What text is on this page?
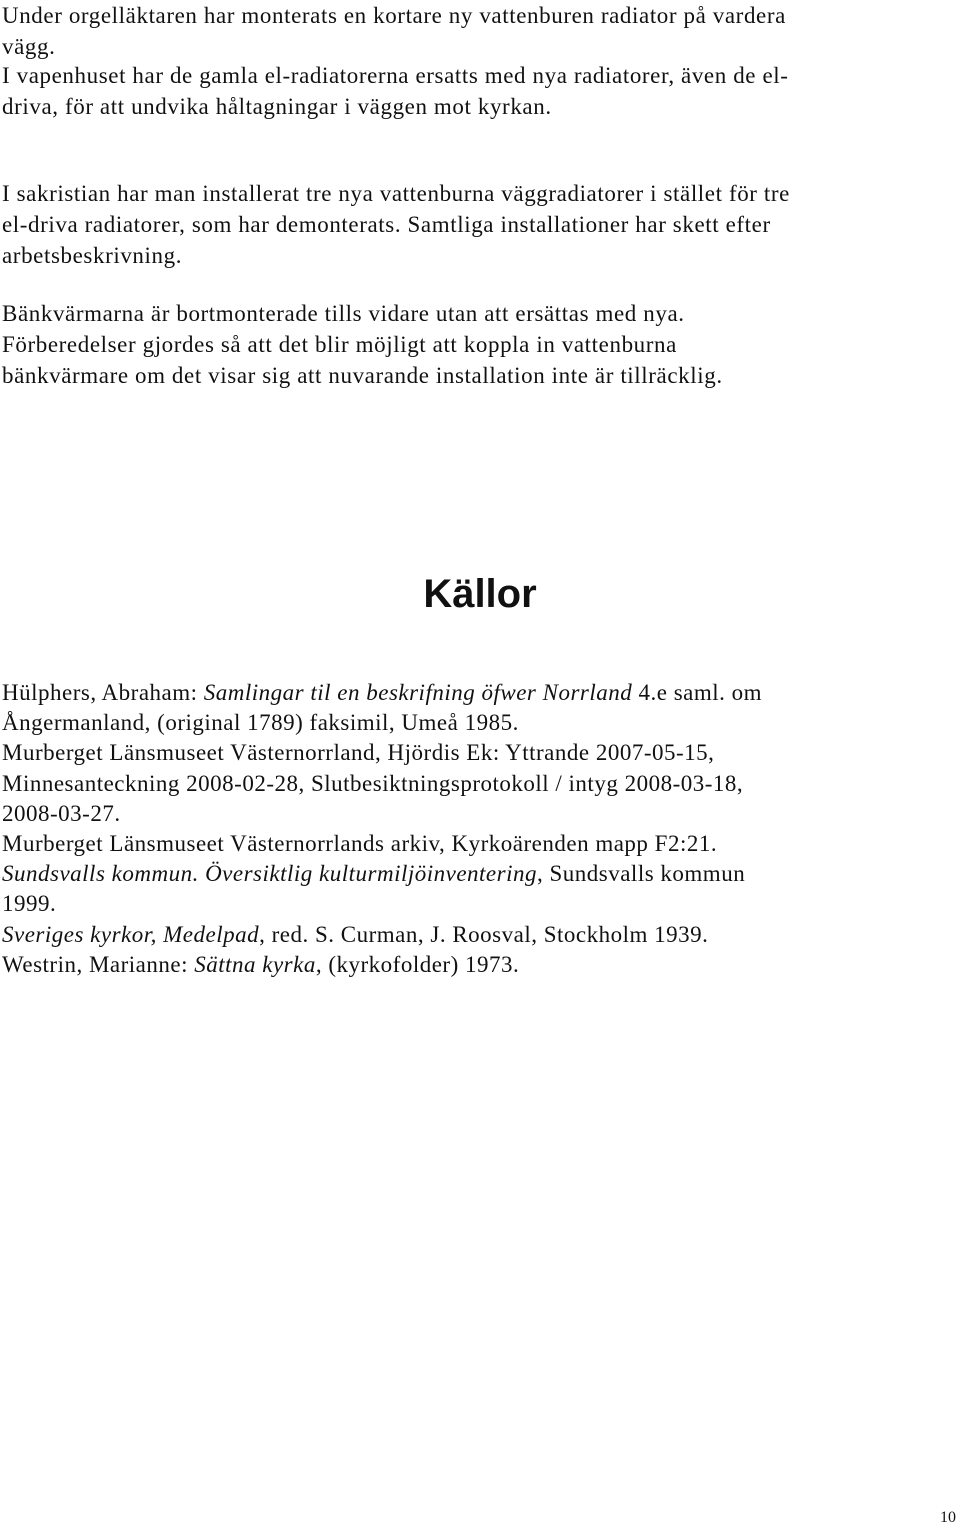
Under orgelläktaren har monterats en kortare ny vattenburen radiator på vardera
vägg.

I vapenhuset har de gamla el-radiatorerna ersatts med nya radiatorer, även de el-
driva, för att undvika håltagningar i väggen mot kyrkan.

I sakristian har man installerat tre nya vattenburna väggradiatorer i stället för tre
el-driva radiatorer, som har demonterats. Samtliga installationer har skett efter
arbetsbeskrivning.

Bänkvärmarna är bortmonterade tills vidare utan att ersättas med nya.
Förberedelser gjordes så att det blir möjligt att koppla in vattenburna
bänkvärmare om det visar sig att nuvarande installation inte är tillräcklig.

Källor
Hülphers, Abraham: Samlingar til en beskrifning öfwer Norrland 4.e saml. om
Ångermanland, (original 1789) faksimil, Umeå 1985.
Murberget Länsmuseet Västernorrland, Hjördis Ek: Yttrande 2007-05-15,
Minnesanteckning 2008-02-28, Slutbesiktningsprotokoll / intyg 2008-03-18,
2008-03-27.
Murberget Länsmuseet Västernorrlands arkiv, Kyrkoärenden mapp F2:21.
Sundsvalls kommun. Översiktlig kulturmiljöinventering, Sundsvalls kommun
1999.
Sveriges kyrkor, Medelpad, red. S. Curman, J. Roosval, Stockholm 1939.
Westrin, Marianne: Sättna kyrka, (kyrkofolder) 1973.
10
